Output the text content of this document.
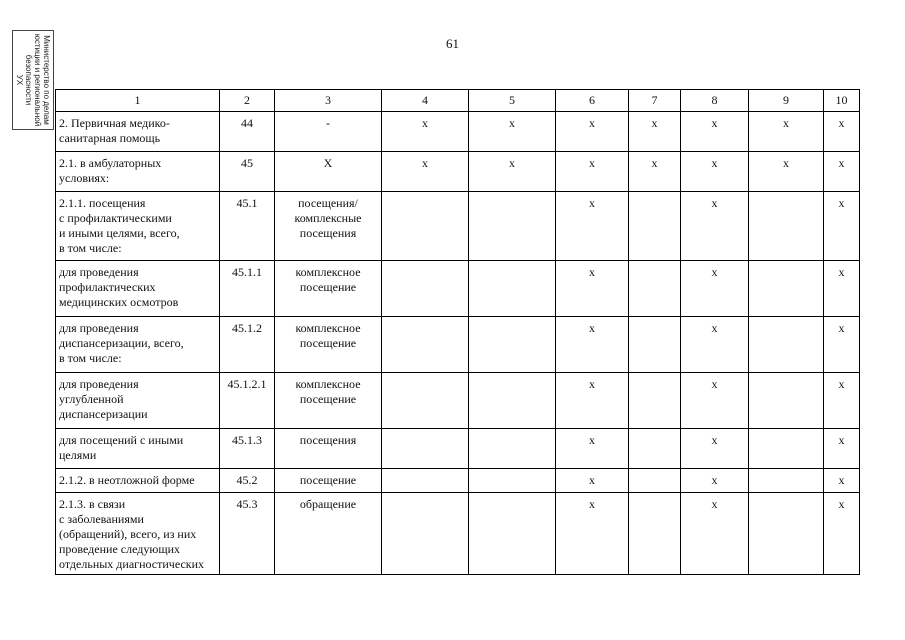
61
Министерство по делам
юстиции и региональной
безопасности
УХ
1	2	3	4	5	6	7	8	9	10
2. Первичная медико-
санитарная помощь	44	-	х	х	х	х	х	х	х
2.1. в амбулаторных
условиях:	45	Х	х	х	х	х	х	х	х
2.1.1. посещения
с профилактическими
и иными целями, всего,
в том числе:	45.1	посещения/
комплексные
посещения			х		х		х
для проведения
профилактических
медицинских осмотров	45.1.1	комплексное
посещение			х		х		х
для проведения
диспансеризации, всего,
в том числе:	45.1.2	комплексное
посещение			х		х		х
для проведения
углубленной
диспансеризации	45.1.2.1	комплексное
посещение			х		х		х
для посещений с иными
целями	45.1.3	посещения			х		х		х
2.1.2. в неотложной форме	45.2	посещение			х		х		х
2.1.3. в связи
с заболеваниями
(обращений), всего, из них
проведение следующих
отдельных диагностических	45.3	обращение			х		х		х
